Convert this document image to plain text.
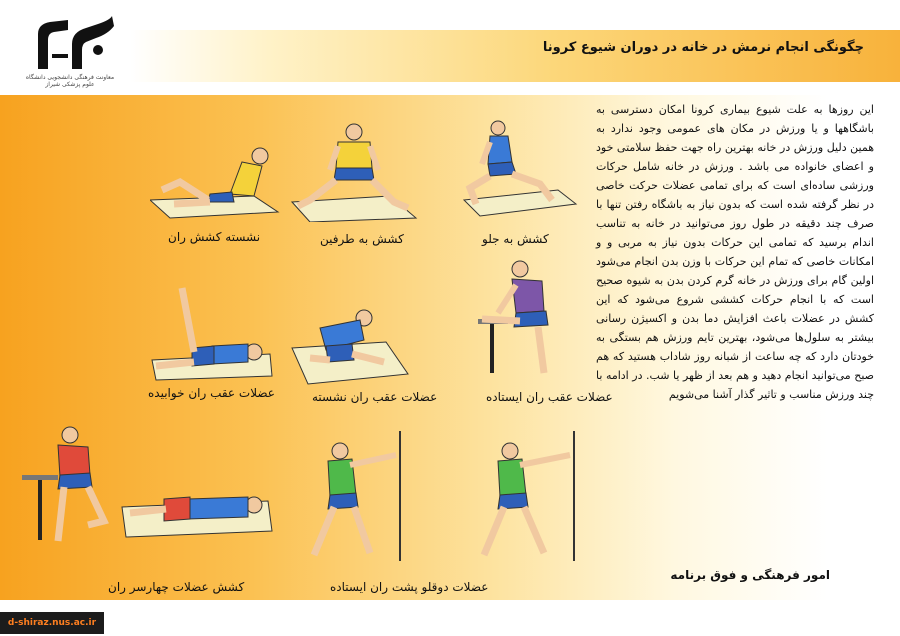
چگونگی انجام نرمش در خانه در دوران شیوع کرونا
معاونت فرهنگی دانشجویی دانشگاه علوم پزشکی شیراز
کشش به جلو
کشش به طرفین
نشسته کشش ران
عضلات عقب ران ایستاده
عضلات عقب ران نشسته
عضلات عقب ران خوابیده
عضلات دوقلو پشت ران ایستاده
کشش عضلات چهارسر ران
این روزها به علت شیوع بیماری کرونا امکان دسترسی به باشگاهها و یا ورزش در مکان های عمومی وجود ندارد به همین دلیل ورزش در خانه بهترین راه جهت حفظ سلامتی خود و اعضای خانواده می باشد . ورزش در خانه شامل حرکات ورزشی ساده‌ای است که برای تمامی عضلات حرکت خاصی در نظر گرفته شده است که بدون نیاز به باشگاه رفتن تنها با صرف چند دقیقه در طول روز می‌توانید در خانه به تناسب اندام برسید که تمامی این حرکات بدون نیاز به مربی و و امکانات خاصی که تمام این حرکات با وزن بدن انجام می‌شود اولین گام برای ورزش در خانه گرم کردن بدن به شیوه صحیح است که با انجام حرکات کششی شروع می‌شود که این کشش در عضلات باعث افزایش دما بدن و اکسیژن رسانی بیشتر به سلول‌ها می‌شود، بهترین تایم ورزش هم بستگی به خودتان دارد که چه ساعت از شبانه روز شاداب هستید که هم صبح می‌توانید انجام دهید و هم بعد از ظهر یا شب. در ادامه با چند ورزش مناسب و تاثیر گذار آشنا می‌شویم
امور فرهنگی و فوق برنامه
d-shiraz.nus.ac.ir
